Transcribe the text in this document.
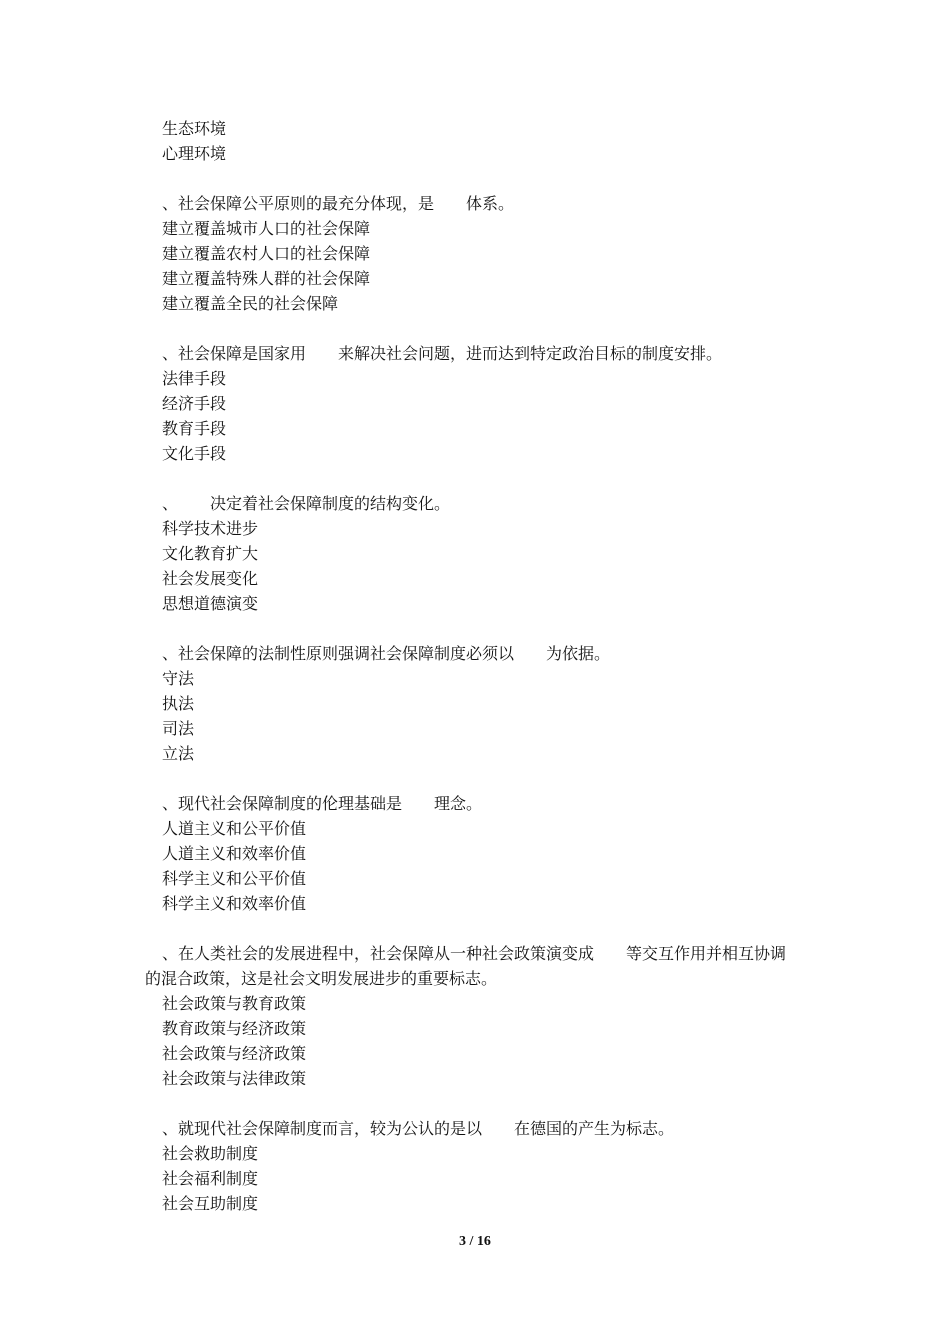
生态环境
心理环境
、社会保障公平原则的最充分体现，是 体系。
建立覆盖城市人口的社会保障
建立覆盖农村人口的社会保障
建立覆盖特殊人群的社会保障
建立覆盖全民的社会保障
、社会保障是国家用 来解决社会问题，进而达到特定政治目标的制度安排。
法律手段
经济手段
教育手段
文化手段
、 决定着社会保障制度的结构变化。
科学技术进步
文化教育扩大
社会发展变化
思想道德演变
、社会保障的法制性原则强调社会保障制度必须以 为依据。
守法
执法
司法
立法
、现代社会保障制度的伦理基础是 理念。
人道主义和公平价值
人道主义和效率价值
科学主义和公平价值
科学主义和效率价值
、在人类社会的发展进程中，社会保障从一种社会政策演变成 等交互作用并相互协调
的混合政策，这是社会文明发展进步的重要标志。
社会政策与教育政策
教育政策与经济政策
社会政策与经济政策
社会政策与法律政策
、就现代社会保障制度而言，较为公认的是以 在德国的产生为标志。
社会救助制度
社会福利制度
社会互助制度
3 / 16
